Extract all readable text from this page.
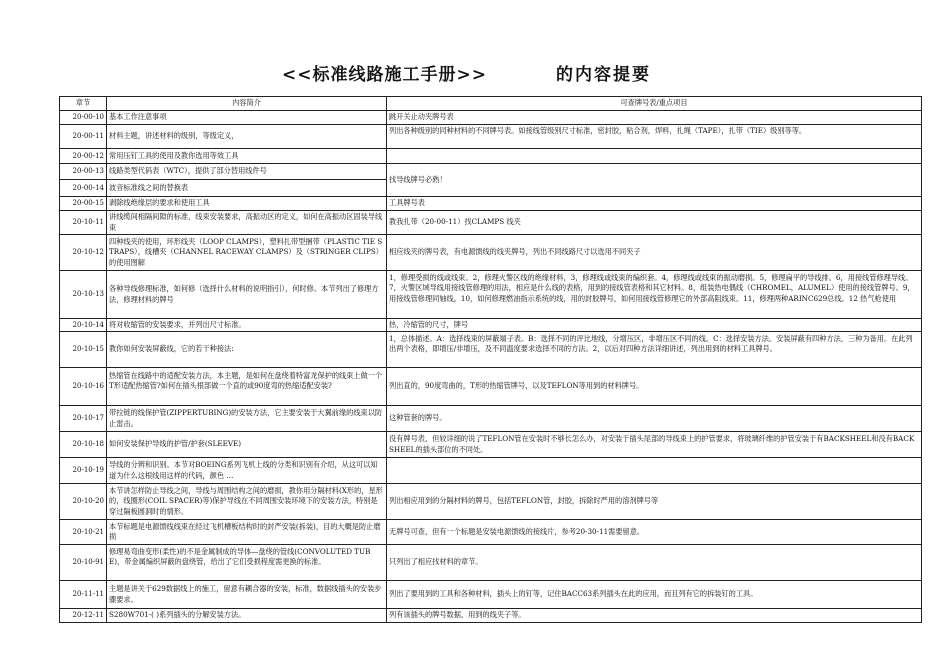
<<标准线路施工手册>>	的内容提要
章节	内容简介	可查牌号表/重点项目
20-00-10	基本工作注意事项	跳开关止动夹牌号表
20-00-11	材料主题，讲述材料的级别，等级定义，	列出各种级别的同种材料的不同牌号表。如接线管级别尺寸标准，密封胶，粘合剂，焊料，扎绳（TAPE），扎带（TIE）级别等等。

20-00-12	常用压钉工具的使用及教你选用等效工具	
20-00-13	线路类型代码表（WTC），提供了部分替用线件号	找导线牌号必熟！
20-00-14	波音标准线之间的替换表	
20-00-15	剥除线绝缘层的要求和使用工具	工具牌号表
20-10-11	讲线缆间相隔间隙的标准，线束安装要求，高振动区的定义，如何在高振动区固装导线束	教我扎带（20-00-11）找CLAMPS 线夹
20-10-12	四种线夹的使用，环形线夹（LOOP CLAMPS），塑料扎带型捆带（PLASTIC TIE STRAPS），线槽夹（CHANNEL RACEWAY CLAMPS）及（STRINGER CLIPS）的使用图解	相应线夹的牌号表，有电源馈线的线夹牌号，列出不同线路尺寸以选用不同夹子
20-10-13	各种导线修理标准，如何修（选择什么材料的说明指引），何时修。本节列出了修理方法，修理材料的牌号	1，修理受损的线或线束。2，修理火警区线的绝缘材料，3，修理线或线束的编织套。4，修理线或线束的振动磨损。5，修理扁平的导线排。6，用接线管修理导线。7，火警区域导线用接线管修理的用法，相应是什么线的表格，用到的接线管表格和其它材料。8，组装热电偶线（CHROMEL，ALUMEL）使用的接线管牌号。9，用接线管修理同轴线。10，如何修理燃油指示系统的线，用的封胶牌号，如何用接线管修理它的外部高阻线束。11，修理两种ARINC629总线。12 热气枪使用

20-10-14	将对收缩管的安装要求，并列出尺寸标准。	热，冷缩管的尺寸，牌号
20-10-15	教你如何安装屏蔽线，它的若干种接法:	1，总体描述。A：选择线束的屏蔽端子表。B：选择不同的评比地线，分增压区，非增压区不同的线。C：选择安装方法。安装屏蔽有四种方法，三种为备用。在此列出两个表格，即增压/非增压，及不同温度要求选择不同的方法。2，以后对四种方法详细讲述，列出用到的材料工具牌号。

20-10-16	热缩管在线路中的适配安装方法，本主题，是如何在盘绕着特富龙保护的线束上做一个T形适配热缩管?如何在插头根部做一个直的或90度弯的热缩适配安装?	列出直的，90度弯曲的，T形的热缩管牌号，以及TEFLON等用到的材料牌号。
20-10-17	带拉链的线保护管(ZIPPERTUBING)的安装方法，它主要安装于大翼前缘的线束以防止雷击。	这种管套的牌号。
20-10-18	如何安装保护导线的护管/护套(SLEEVE)	没有牌号表，但较详细的说了TEFLON管在安装时不够长怎么办，对安装于插头尾部的导线束上的护管要求，将玻璃纤维的护管安装于有BACKSHEEL和没有BACKSHEEL的插头部位的不同处。

20-10-19	导线的分辨和识别。本节对BOEING系列飞机上线的分类和识别有介绍，从这可以知道为什么这根线用这样的代码，颜色 …	

20-10-20	本节讲怎样防止导线之间，导线与周围结构之间的磨损，教你用分隔材料(X形的，星形的，线圈形(COIL SPACER)等)保护导线在不同周围安装环境下的安装方法，特别是穿过隔板圆洞时的情形。	列出相应用到的分隔材料的牌号，包括TEFLON管，封胶，拆除时严用的溶剂牌号等
20-10-21	本节标题是电源馈线线束在经过飞机槽板结构时的封严安装(拆装)，目的大概是防止磨损	无牌号可查，但有一个标题是安装电源馈线的接线片，参考20-30-11需要留意。
20-10-91	修理易弯曲变形(柔性)的不是金属制成的导体—盘绕的管线(CONVOLUTED TUBE)，带金属编织屏蔽的盘绕管，给出了它们受损程度需更换的标准。	只列出了相应找材料的章节。
20-11-11	主题是讲关于629数据线上的施工，留意有耦合器的安装，标准，数据线插头的安装步骤要求。	列出了要用到的工具和各种材料，插头上的钉等，记住BACC63系列插头在此的应用，而且列有它的拆装钉的工具。
20-12-11	S280W701-( )系列插头的分解安装方法。	列有该插头的牌号数据，用到的线夹子等。
